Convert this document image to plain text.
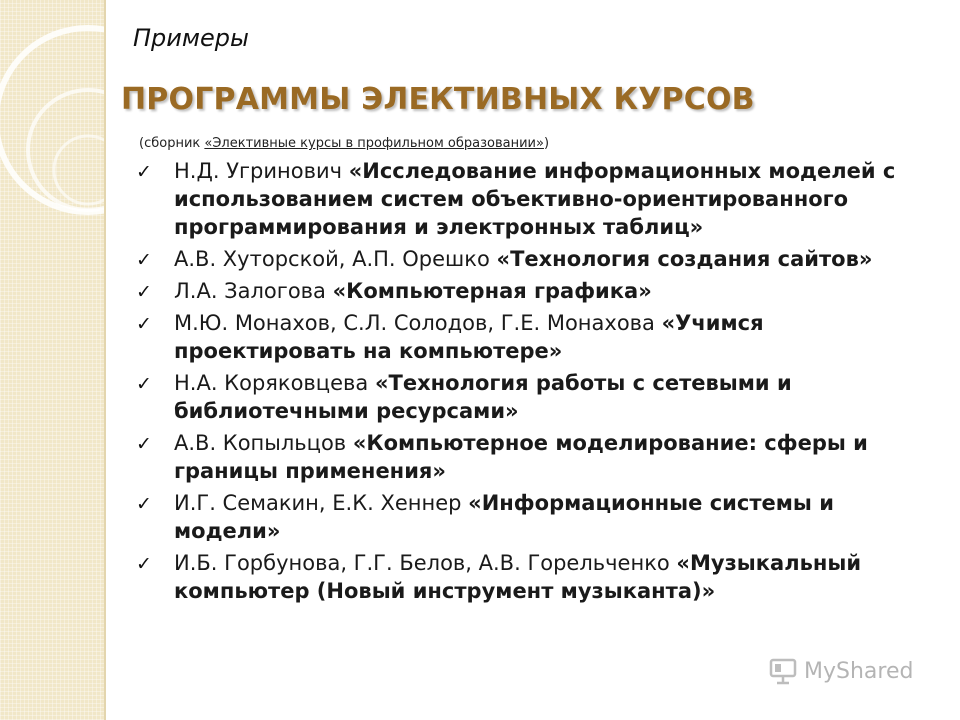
Примеры
ПРОГРАММЫ ЭЛЕКТИВНЫХ КУРСОВ
(сборник «Элективные курсы в профильном образовании»)
✓ Н.Д. Угринович «Исследование информационных моделей с использованием систем объективно-ориентированного программирования и электронных таблиц»
✓ А.В. Хуторской, А.П. Орешко «Технология создания сайтов»
✓ Л.А. Залогова «Компьютерная графика»
✓ М.Ю. Монахов, С.Л. Солодов, Г.Е. Монахова «Учимся проектировать на компьютере»
✓ Н.А. Коряковцева «Технология работы с сетевыми и библиотечными ресурсами»
✓ А.В. Копыльцов «Компьютерное моделирование: сферы и границы применения»
✓ И.Г. Семакин, Е.К. Хеннер «Информационные системы и модели»
✓ И.Б. Горбунова, Г.Г. Белов, А.В. Горельченко «Музыкальный компьютер (Новый инструмент музыканта)»
MyShared
